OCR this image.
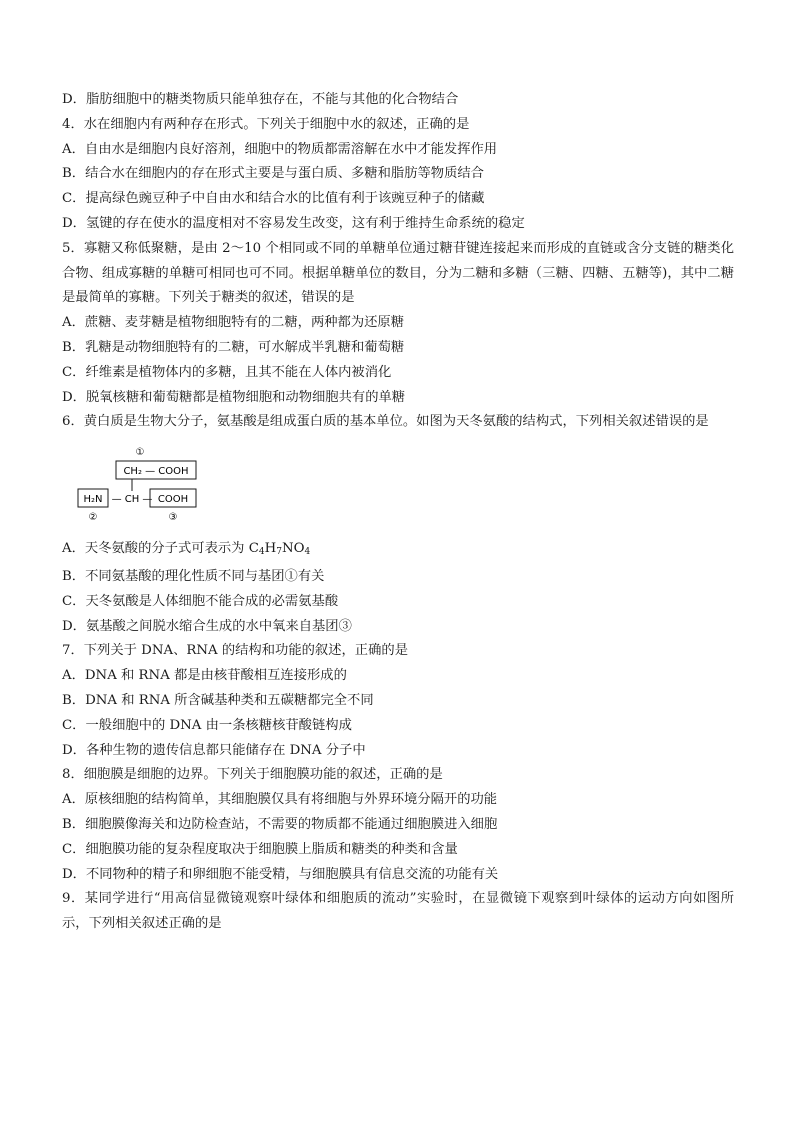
D．脂肪细胞中的糖类物质只能单独存在，不能与其他的化合物结合
4．水在细胞内有两种存在形式。下列关于细胞中水的叙述，正确的是
A．自由水是细胞内良好溶剂，细胞中的物质都需溶解在水中才能发挥作用
B．结合水在细胞内的存在形式主要是与蛋白质、多糖和脂肪等物质结合
C．提高绿色豌豆种子中自由水和结合水的比值有利于该豌豆种子的储藏
D．氢键的存在使水的温度相对不容易发生改变，这有利于维持生命系统的稳定
5．寡糖又称低聚糖，是由 2～10 个相同或不同的单糖单位通过糖苷键连接起来而形成的直链或含分支链的糖类化合物、组成寡糖的单糖可相同也可不同。根据单糖单位的数目，分为二糖和多糖（三糖、四糖、五糖等)，其中二糖是最简单的寡糖。下列关于糖类的叙述，错误的是
A．蔗糖、麦芽糖是植物细胞特有的二糖，两种都为还原糖
B．乳糖是动物细胞特有的二糖，可水解成半乳糖和葡萄糖
C．纤维素是植物体内的多糖，且其不能在人体内被消化
D．脱氧核糖和葡萄糖都是植物细胞和动物细胞共有的单糖
6．黄白质是生物大分子，氨基酸是组成蛋白质的基本单位。如图为天冬氨酸的结构式，下列相关叙述错误的是
①
CH₂ — COOH
H₂N — CH — COOH
②	③
A．天冬氨酸的分子式可表示为 $C_4H_7NO_4$
B．不同氨基酸的理化性质不同与基团①有关
C．天冬氨酸是人体细胞不能合成的必需氨基酸
D．氨基酸之间脱水缩合生成的水中氧来自基团③
7．下列关于 DNA、RNA 的结构和功能的叙述，正确的是
A．DNA 和 RNA 都是由核苷酸相互连接形成的
B．DNA 和 RNA 所含碱基种类和五碳糖都完全不同
C．一般细胞中的 DNA 由一条核糖核苷酸链构成
D．各种生物的遗传信息都只能储存在 DNA 分子中
8．细胞膜是细胞的边界。下列关于细胞膜功能的叙述，正确的是
A．原核细胞的结构简单，其细胞膜仅具有将细胞与外界环境分隔开的功能
B．细胞膜像海关和边防检查站，不需要的物质都不能通过细胞膜进入细胞
C．细胞膜功能的复杂程度取决于细胞膜上脂质和糖类的种类和含量
D．不同物种的精子和卵细胞不能受精，与细胞膜具有信息交流的功能有关
9．某同学进行“用高信显微镜观察叶绿体和细胞质的流动”实验时，在显微镜下观察到叶绿体的运动方向如图所示，下列相关叙述正确的是
